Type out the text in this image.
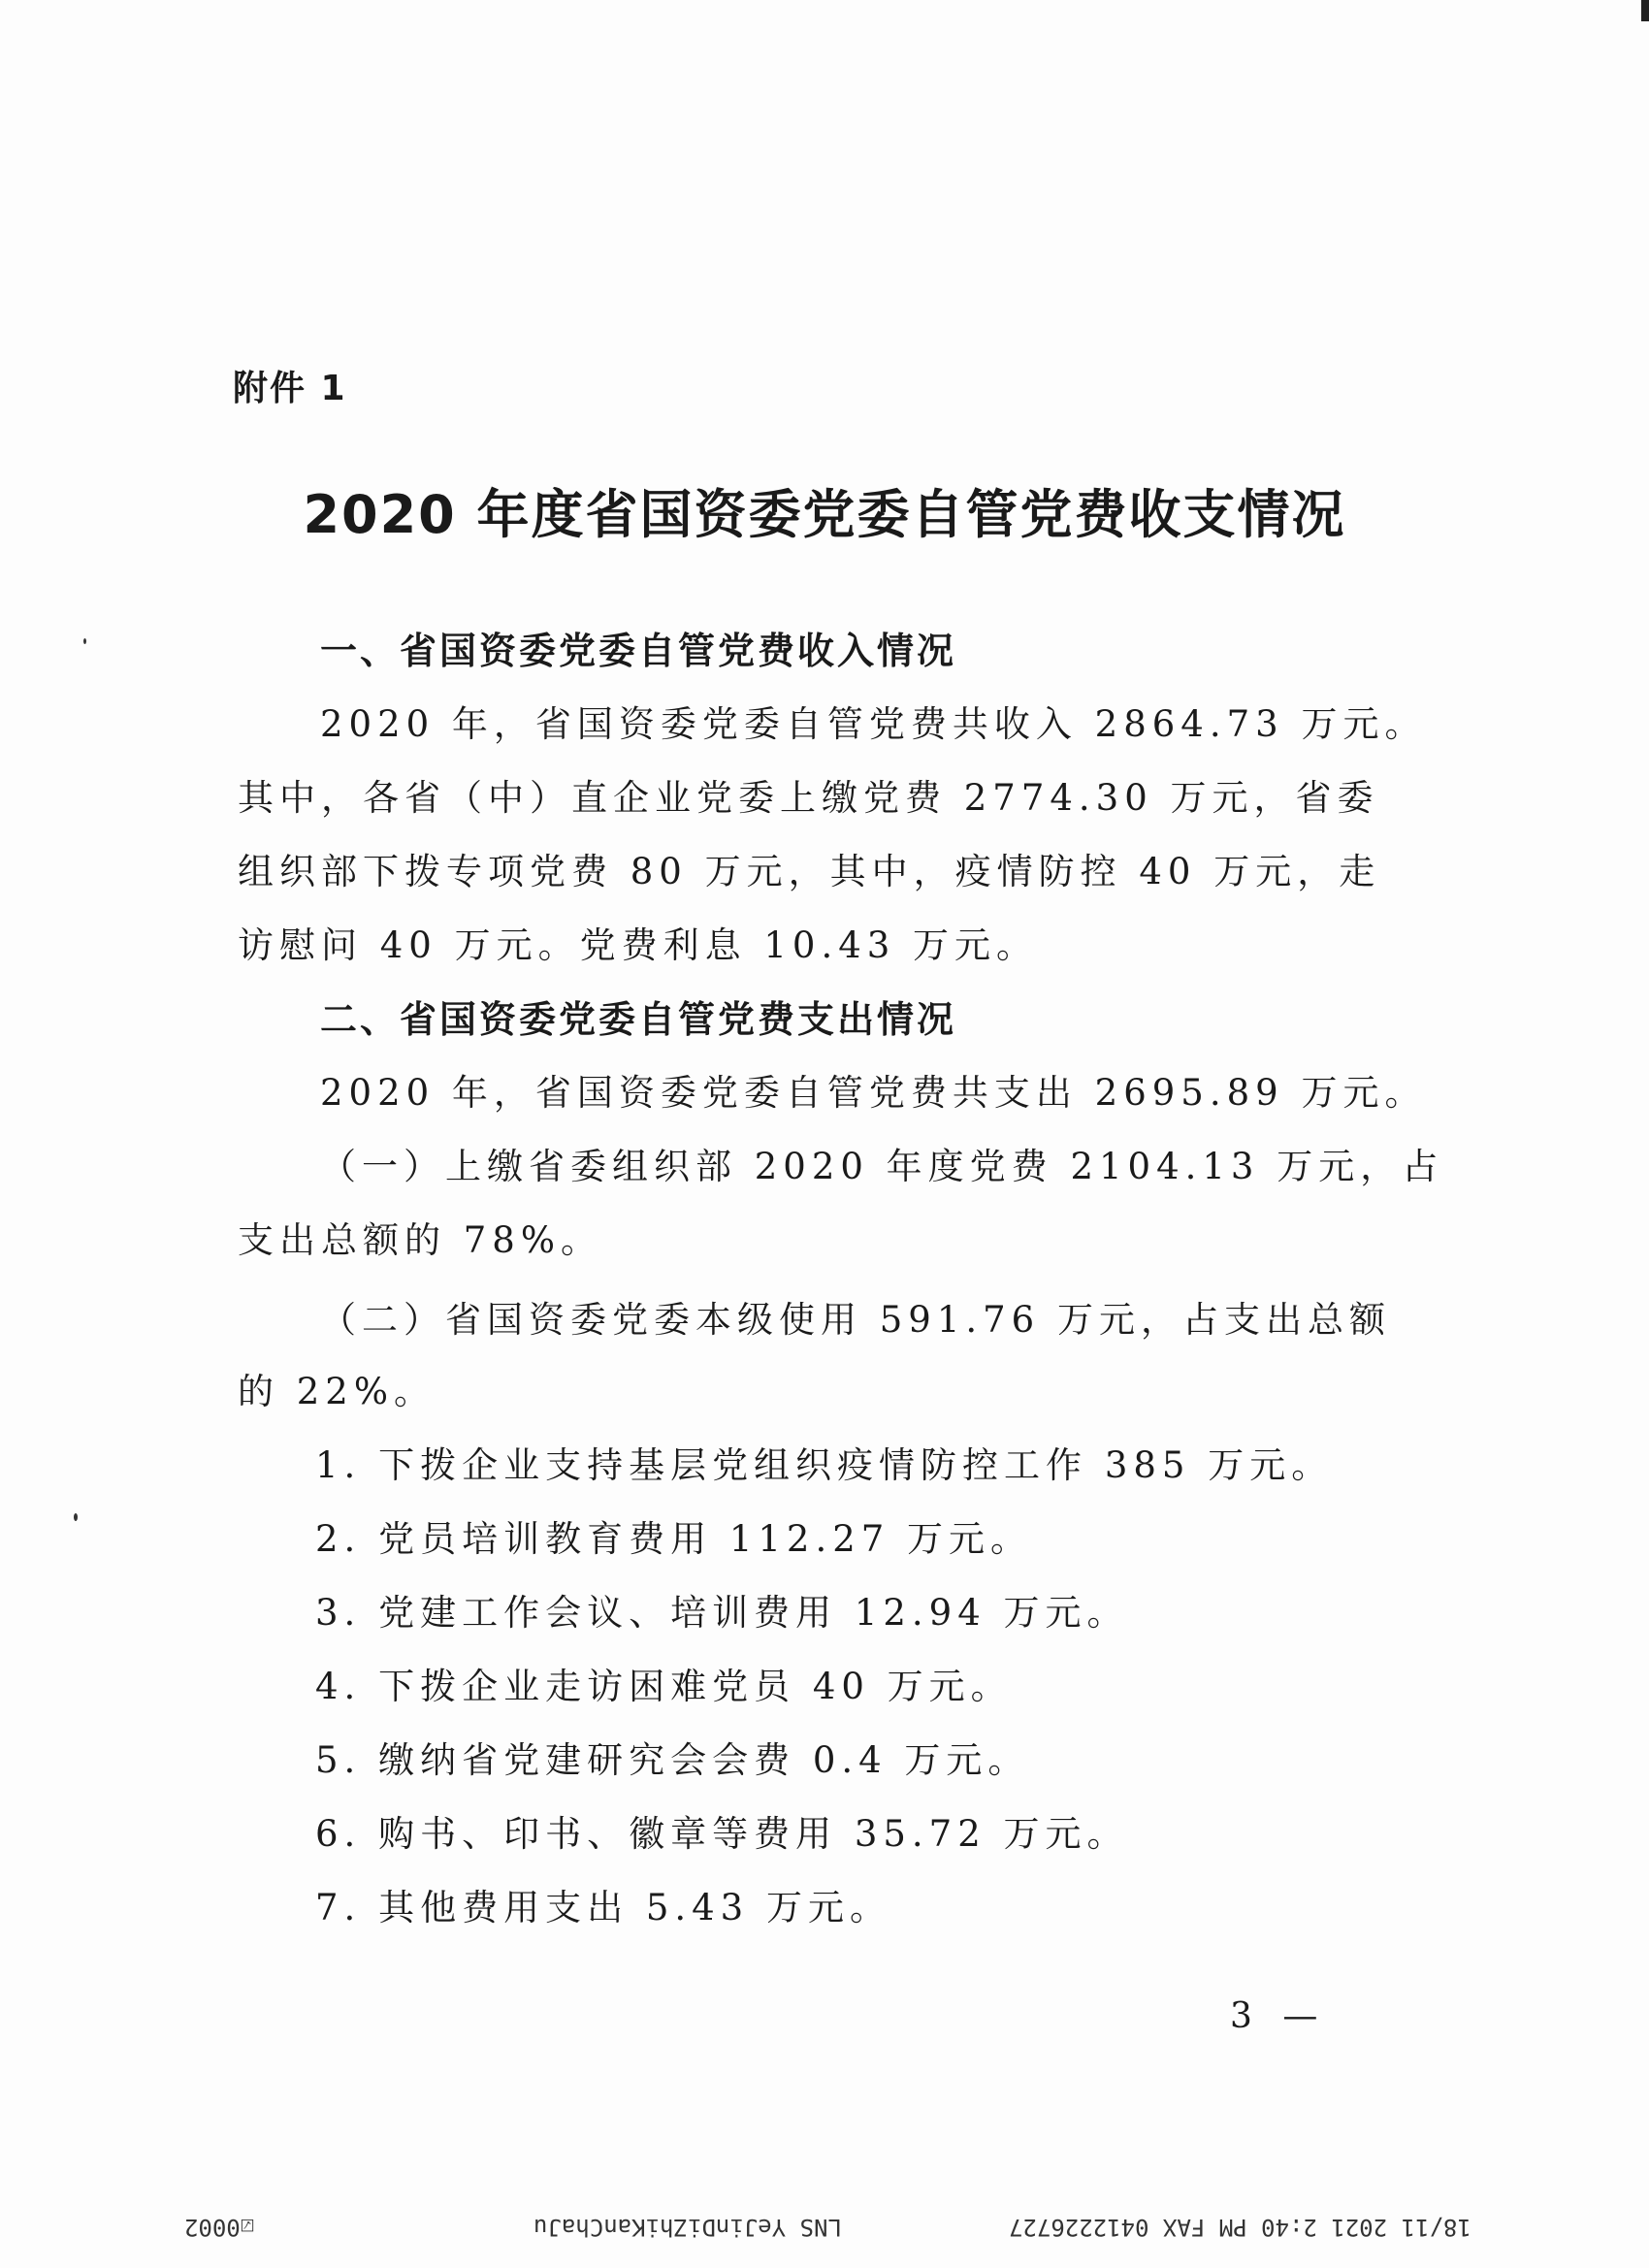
附件 1
2020 年度省国资委党委自管党费收支情况
一、省国资委党委自管党费收入情况
2020 年，省国资委党委自管党费共收入 2864.73 万元。
其中，各省（中）直企业党委上缴党费 2774.30 万元，省委
组织部下拨专项党费 80 万元，其中，疫情防控 40 万元，走
访慰问 40 万元。党费利息 10.43 万元。
二、省国资委党委自管党费支出情况
2020 年，省国资委党委自管党费共支出 2695.89 万元。
（一）上缴省委组织部 2020 年度党费 2104.13 万元，占
支出总额的 78%。
（二）省国资委党委本级使用 591.76 万元，占支出总额
的 22%。
1. 下拨企业支持基层党组织疫情防控工作 385 万元。
2. 党员培训教育费用 112.27 万元。
3. 党建工作会议、培训费用 12.94 万元。
4. 下拨企业走访困难党员 40 万元。
5. 缴纳省党建研究会会费 0.4 万元。
6. 购书、印书、徽章等费用 35.72 万元。
7. 其他费用支出 5.43 万元。
3 —
18/11 2021 2:40 PM FAX 0412226727
LNS YeJinDiZhiKanChaJu
☑0002
